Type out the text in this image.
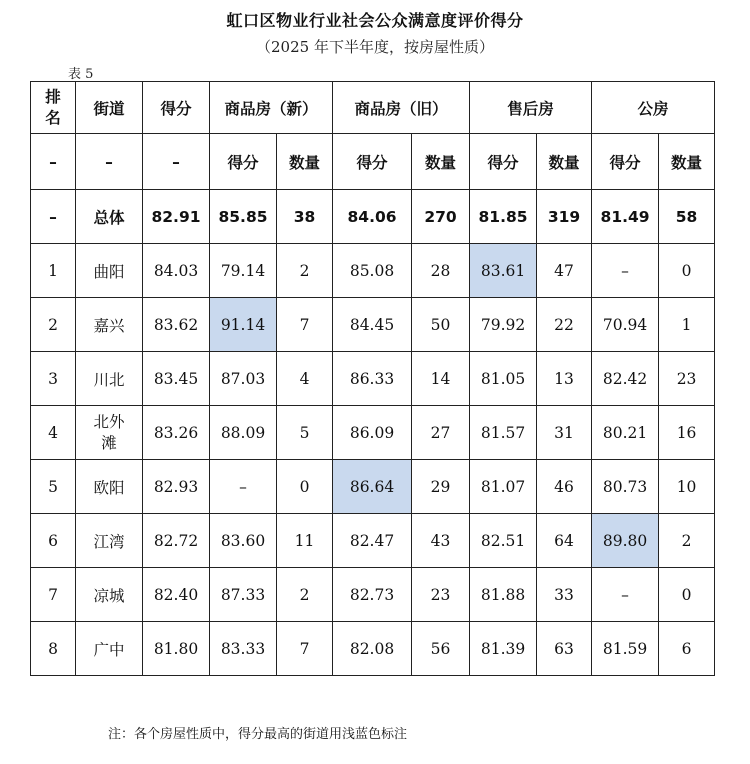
虹口区物业行业社会公众满意度评价得分
（2025 年下半年度，按房屋性质）
表 5
排名	街道	得分	商品房（新）		商品房（旧）		售后房		公房	
–	–	–	得分	数量	得分	数量	得分	数量	得分	数量
–	总体	82.91	85.85	38	84.06	270	81.85	319	81.49	58
1	曲阳	84.03	79.14	2	85.08	28	83.61	47	–	0
2	嘉兴	83.62	91.14	7	84.45	50	79.92	22	70.94	1
3	川北	83.45	87.03	4	86.33	14	81.05	13	82.42	23
4	北外滩	83.26	88.09	5	86.09	27	81.57	31	80.21	16
5	欧阳	82.93	–	0	86.64	29	81.07	46	80.73	10
6	江湾	82.72	83.60	11	82.47	43	82.51	64	89.80	2
7	凉城	82.40	87.33	2	82.73	23	81.88	33	–	0
8	广中	81.80	83.33	7	82.08	56	81.39	63	81.59	6
注：各个房屋性质中，得分最高的街道用浅蓝色标注
